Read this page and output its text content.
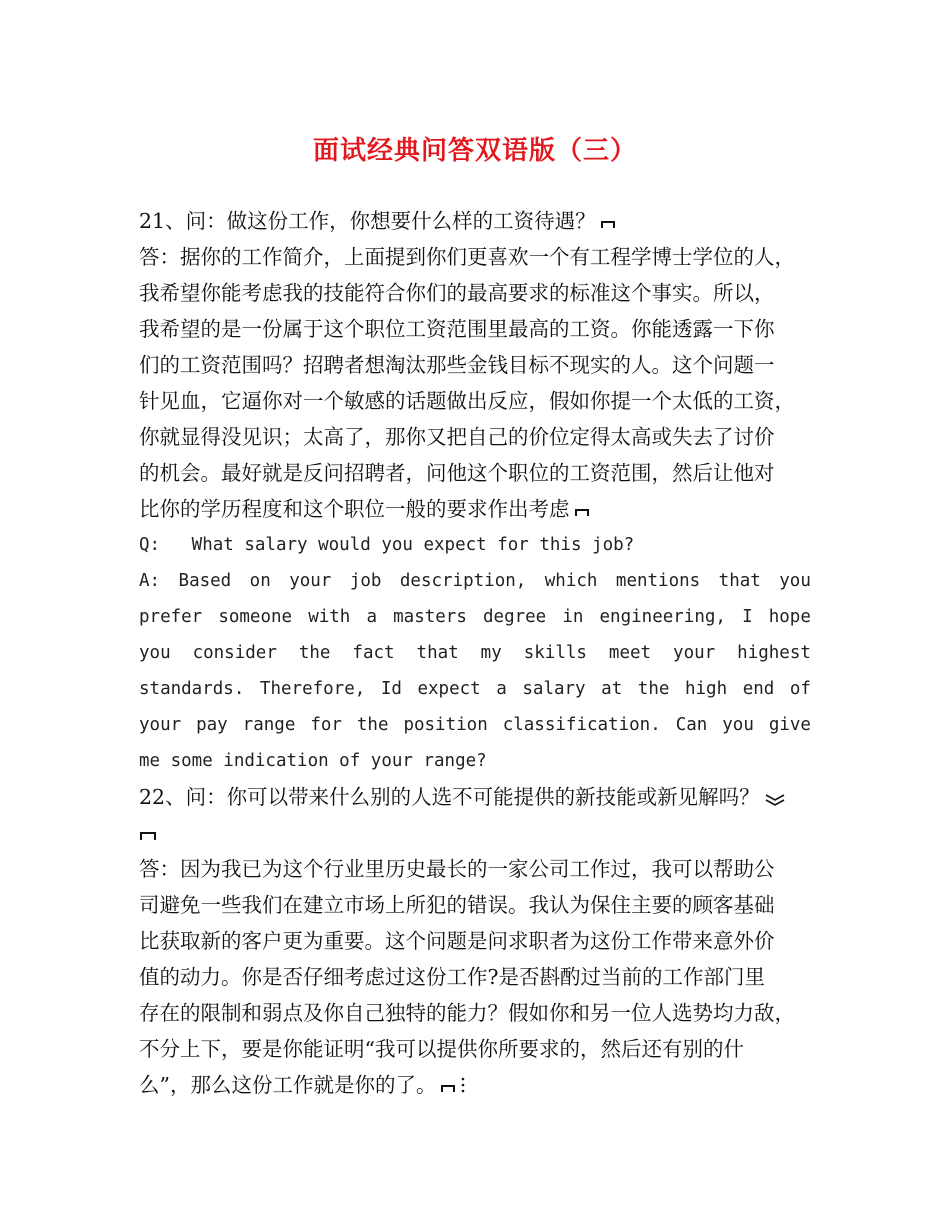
面试经典问答双语版（三）
21、问：做这份工作，你想要什么样的工资待遇？
答：据你的工作简介，上面提到你们更喜欢一个有工程学博士学位的人，
我希望你能考虑我的技能符合你们的最高要求的标准这个事实。所以，
我希望的是一份属于这个职位工资范围里最高的工资。你能透露一下你
们的工资范围吗？招聘者想淘汰那些金钱目标不现实的人。这个问题一
针见血，它逼你对一个敏感的话题做出反应，假如你提一个太低的工资，
你就显得没见识；太高了，那你又把自己的价位定得太高或失去了讨价
的机会。最好就是反问招聘者，问他这个职位的工资范围，然后让他对
比你的学历程度和这个职位一般的要求作出考虑
Q:   What salary would you expect for this job?
A: Based on your job description, which mentions that you
prefer someone with a masters degree in engineering, I hope
you consider the fact that my skills meet your highest
standards. Therefore, Id expect a salary at the high end of
your pay range for the position classification. Can you give
me some indication of your range?
22、问：你可以带来什么别的人选不可能提供的新技能或新见解吗？
答：因为我已为这个行业里历史最长的一家公司工作过，我可以帮助公
司避免一些我们在建立市场上所犯的错误。我认为保住主要的顾客基础
比获取新的客户更为重要。这个问题是问求职者为这份工作带来意外价
值的动力。你是否仔细考虑过这份工作?是否斟酌过当前的工作部门里
存在的限制和弱点及你自己独特的能力？假如你和另一位人选势均力敌，
不分上下，要是你能证明“我可以提供你所要求的，然后还有别的什
么”，那么这份工作就是你的了。
